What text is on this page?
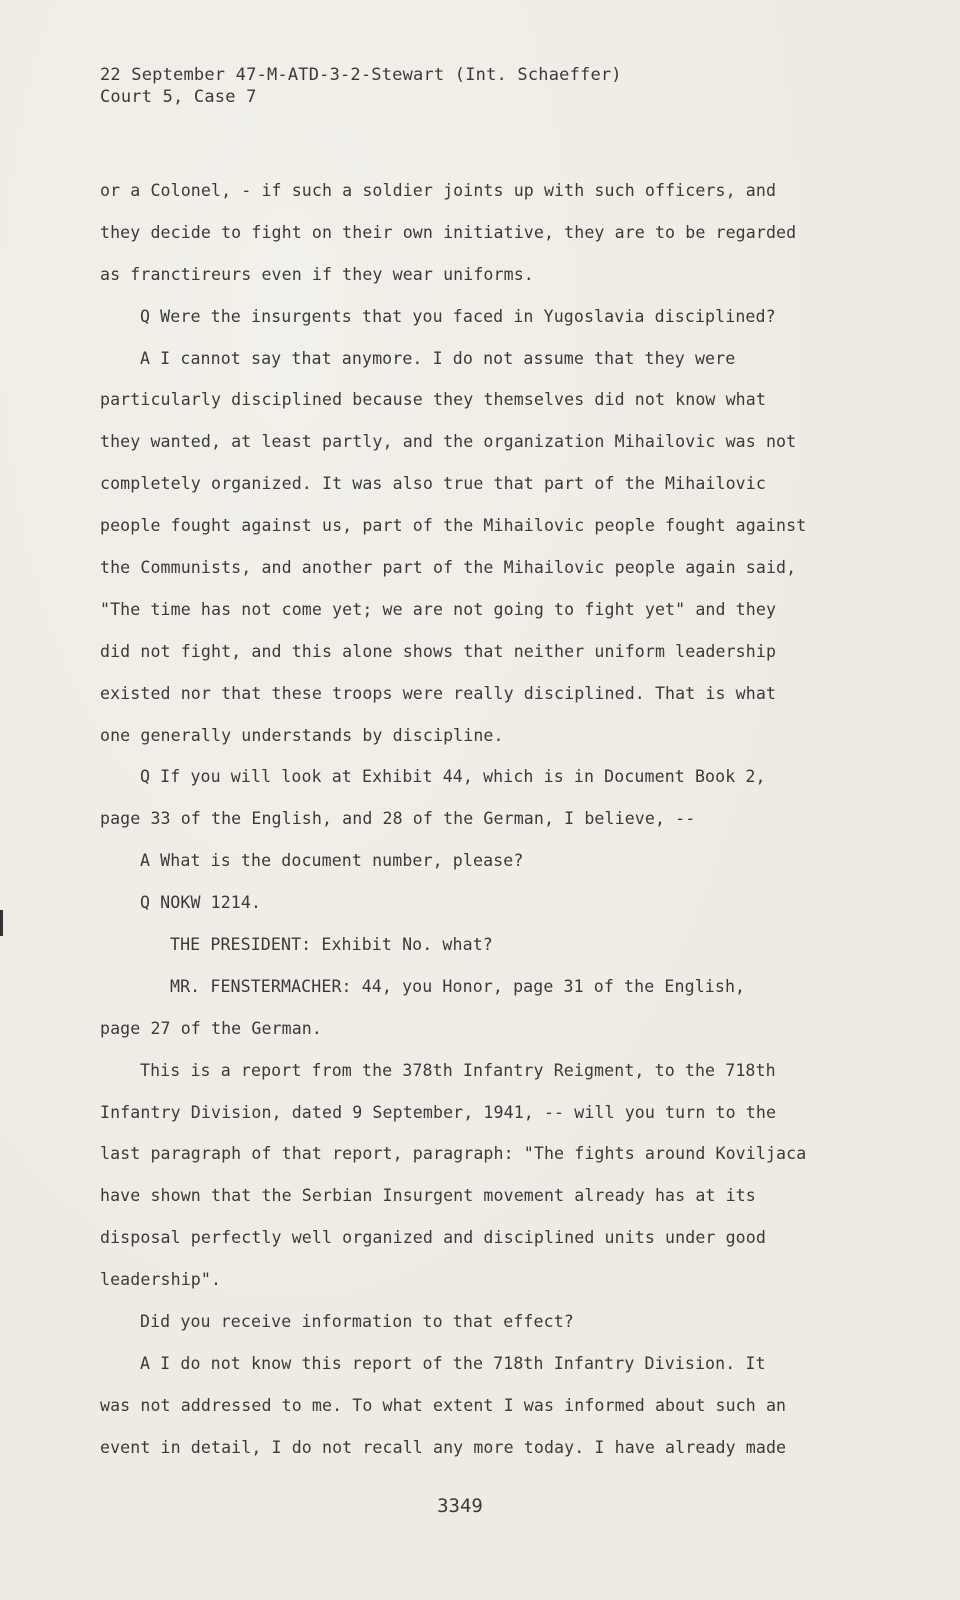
22 September 47-M-ATD-3-2-Stewart (Int. Schaeffer)
Court 5, Case 7
or a Colonel, - if such a soldier joints up with such officers, and
they decide to fight on their own initiative, they are to be regarded
as franctireurs even if they wear uniforms.
Q Were the insurgents that you faced in Yugoslavia disciplined?
A I cannot say that anymore. I do not assume that they were
particularly disciplined because they themselves did not know what
they wanted, at least partly, and the organization Mihailovic was not
completely organized. It was also true that part of the Mihailovic
people fought against us, part of the Mihailovic people fought against
the Communists, and another part of the Mihailovic people again said,
"The time has not come yet; we are not going to fight yet" and they
did not fight, and this alone shows that neither uniform leadership
existed nor that these troops were really disciplined. That is what
one generally understands by discipline.
Q If you will look at Exhibit 44, which is in Document Book 2,
page 33 of the English, and 28 of the German, I believe, --
A What is the document number, please?
Q NOKW 1214.
THE PRESIDENT: Exhibit No. what?
MR. FENSTERMACHER: 44, you Honor, page 31 of the English,
page 27 of the German.
This is a report from the 378th Infantry Reigment, to the 718th
Infantry Division, dated 9 September, 1941, -- will you turn to the
last paragraph of that report, paragraph: "The fights around Koviljaca
have shown that the Serbian Insurgent movement already has at its
disposal perfectly well organized and disciplined units under good
leadership".
Did you receive information to that effect?
A I do not know this report of the 718th Infantry Division. It
was not addressed to me. To what extent I was informed about such an
event in detail, I do not recall any more today. I have already made
3349
